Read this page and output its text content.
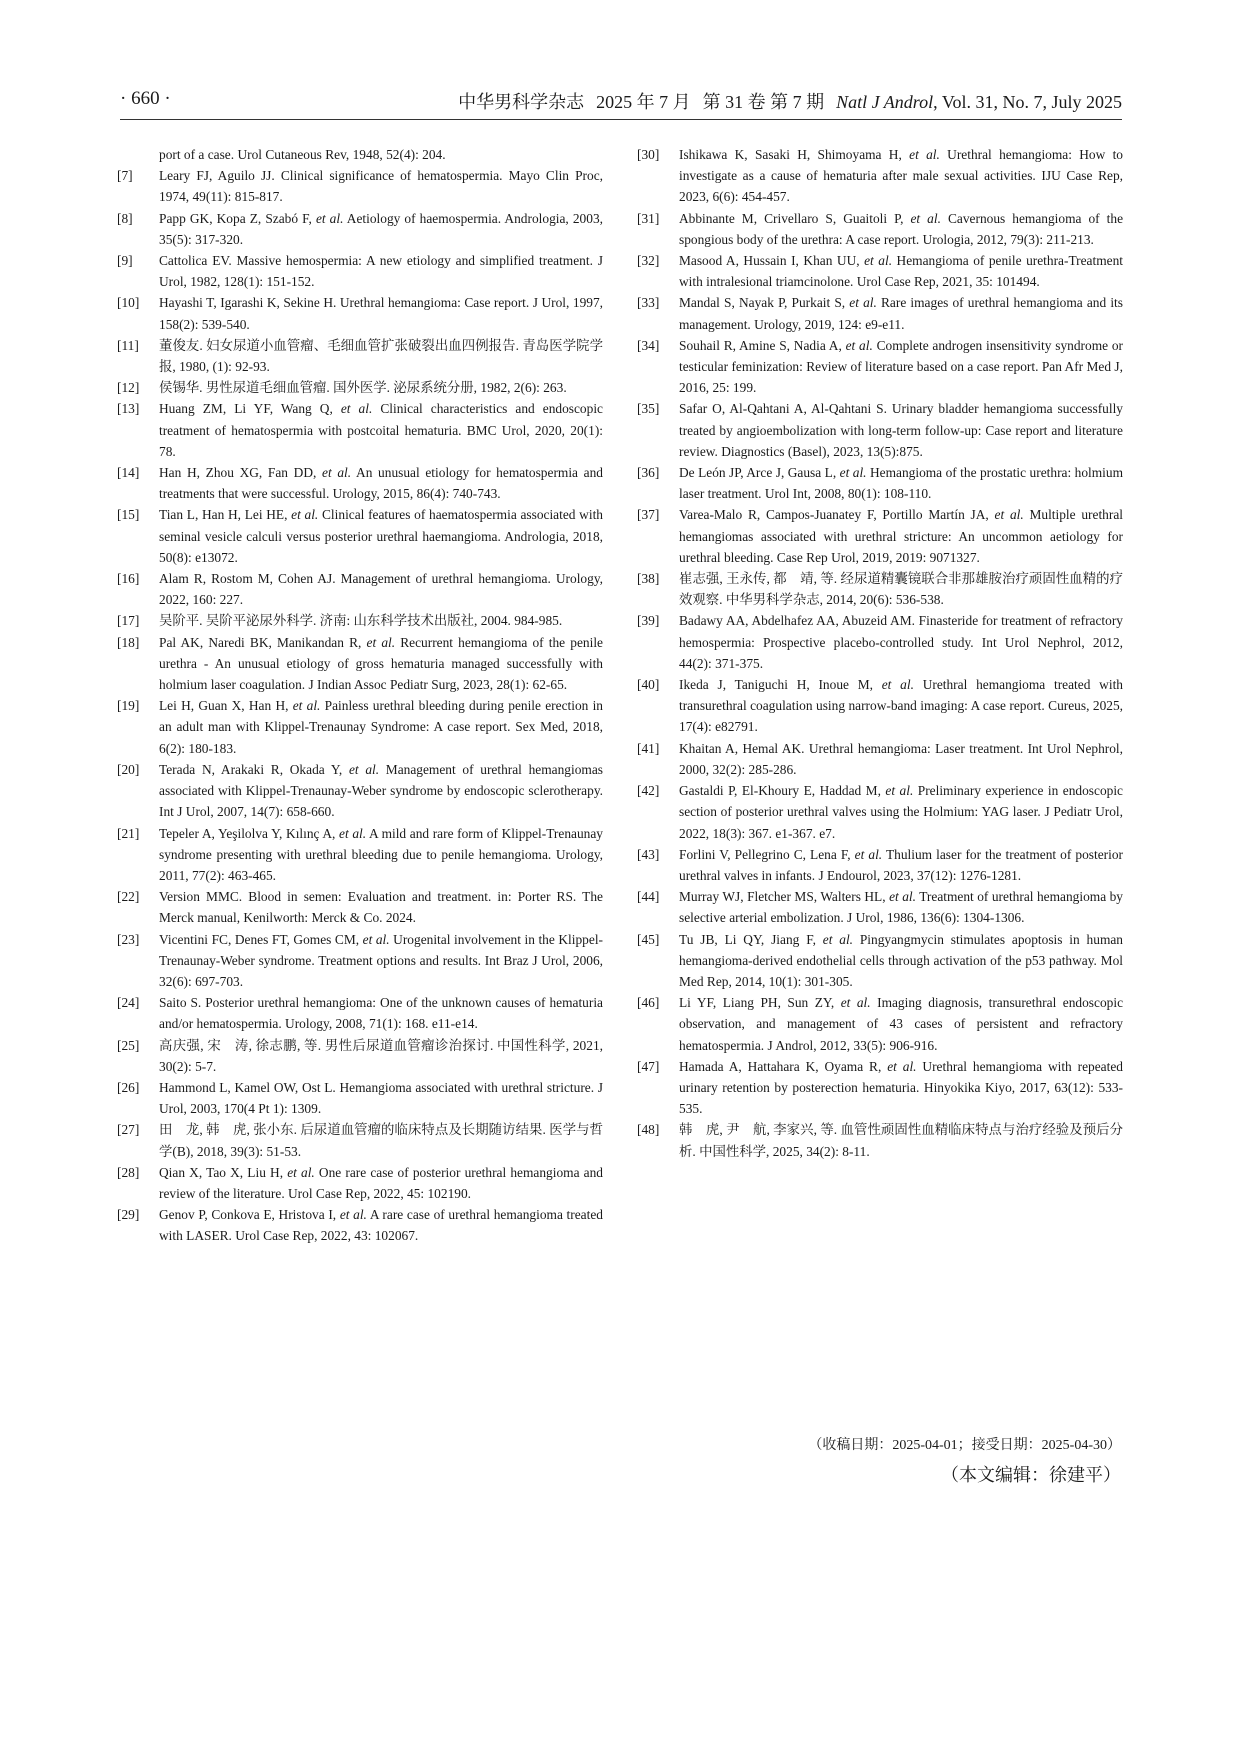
· 660 ·	中华男科学杂志 2025 年 7 月 第 31 卷 第 7 期 Natl J Androl, Vol. 31, No. 7, July 2025
port of a case. Urol Cutaneous Rev, 1948, 52(4): 204.
[7]	Leary FJ, Aguilo JJ. Clinical significance of hematospermia. Mayo Clin Proc, 1974, 49(11): 815-817.
[8]	Papp GK, Kopa Z, Szabó F, et al. Aetiology of haemospermia. Andrologia, 2003, 35(5): 317-320.
[9]	Cattolica EV. Massive hemospermia: A new etiology and simplified treatment. J Urol, 1982, 128(1): 151-152.
[10]	Hayashi T, Igarashi K, Sekine H. Urethral hemangioma: Case report. J Urol, 1997, 158(2): 539-540.
[11]	董俊友. 妇女尿道小血管瘤、毛细血管扩张破裂出血四例报告. 青岛医学院学报, 1980, (1): 92-93.
[12]	侯锡华. 男性尿道毛细血管瘤. 国外医学. 泌尿系统分册, 1982, 2(6): 263.
[13]	Huang ZM, Li YF, Wang Q, et al. Clinical characteristics and endoscopic treatment of hematospermia with postcoital hematuria. BMC Urol, 2020, 20(1): 78.
[14]	Han H, Zhou XG, Fan DD, et al. An unusual etiology for hematospermia and treatments that were successful. Urology, 2015, 86(4): 740-743.
[15]	Tian L, Han H, Lei HE, et al. Clinical features of haematospermia associated with seminal vesicle calculi versus posterior urethral haemangioma. Andrologia, 2018, 50(8): e13072.
[16]	Alam R, Rostom M, Cohen AJ. Management of urethral hemangioma. Urology, 2022, 160: 227.
[17]	吴阶平. 吴阶平泌尿外科学. 济南: 山东科学技术出版社, 2004. 984-985.
[18]	Pal AK, Naredi BK, Manikandan R, et al. Recurrent hemangioma of the penile urethra - An unusual etiology of gross hematuria managed successfully with holmium laser coagulation. J Indian Assoc Pediatr Surg, 2023, 28(1): 62-65.
[19]	Lei H, Guan X, Han H, et al. Painless urethral bleeding during penile erection in an adult man with Klippel-Trenaunay Syndrome: A case report. Sex Med, 2018, 6(2): 180-183.
[20]	Terada N, Arakaki R, Okada Y, et al. Management of urethral hemangiomas associated with Klippel-Trenaunay-Weber syndrome by endoscopic sclerotherapy. Int J Urol, 2007, 14(7): 658-660.
[21]	Tepeler A, Yeşilolva Y, Kılınç A, et al. A mild and rare form of Klippel-Trenaunay syndrome presenting with urethral bleeding due to penile hemangioma. Urology, 2011, 77(2): 463-465.
[22]	Version MMC. Blood in semen: Evaluation and treatment. in: Porter RS. The Merck manual, Kenilworth: Merck & Co. 2024.
[23]	Vicentini FC, Denes FT, Gomes CM, et al. Urogenital involvement in the Klippel-Trenaunay-Weber syndrome. Treatment options and results. Int Braz J Urol, 2006, 32(6): 697-703.
[24]	Saito S. Posterior urethral hemangioma: One of the unknown causes of hematuria and/or hematospermia. Urology, 2008, 71(1): 168. e11-e14.
[25]	高庆强, 宋　涛, 徐志鹏, 等. 男性后尿道血管瘤诊治探讨. 中国性科学, 2021, 30(2): 5-7.
[26]	Hammond L, Kamel OW, Ost L. Hemangioma associated with urethral stricture. J Urol, 2003, 170(4 Pt 1): 1309.
[27]	田　龙, 韩　虎, 张小东. 后尿道血管瘤的临床特点及长期随访结果. 医学与哲学(B), 2018, 39(3): 51-53.
[28]	Qian X, Tao X, Liu H, et al. One rare case of posterior urethral hemangioma and review of the literature. Urol Case Rep, 2022, 45: 102190.
[29]	Genov P, Conkova E, Hristova I, et al. A rare case of urethral hemangioma treated with LASER. Urol Case Rep, 2022, 43: 102067.
[30]	Ishikawa K, Sasaki H, Shimoyama H, et al. Urethral hemangioma: How to investigate as a cause of hematuria after male sexual activities. IJU Case Rep, 2023, 6(6): 454-457.
[31]	Abbinante M, Crivellaro S, Guaitoli P, et al. Cavernous hemangioma of the spongious body of the urethra: A case report. Urologia, 2012, 79(3): 211-213.
[32]	Masood A, Hussain I, Khan UU, et al. Hemangioma of penile urethra-Treatment with intralesional triamcinolone. Urol Case Rep, 2021, 35: 101494.
[33]	Mandal S, Nayak P, Purkait S, et al. Rare images of urethral hemangioma and its management. Urology, 2019, 124: e9-e11.
[34]	Souhail R, Amine S, Nadia A, et al. Complete androgen insensitivity syndrome or testicular feminization: Review of literature based on a case report. Pan Afr Med J, 2016, 25: 199.
[35]	Safar O, Al-Qahtani A, Al-Qahtani S. Urinary bladder hemangioma successfully treated by angioembolization with long-term follow-up: Case report and literature review. Diagnostics (Basel), 2023, 13(5):875.
[36]	De León JP, Arce J, Gausa L, et al. Hemangioma of the prostatic urethra: holmium laser treatment. Urol Int, 2008, 80(1): 108-110.
[37]	Varea-Malo R, Campos-Juanatey F, Portillo Martín JA, et al. Multiple urethral hemangiomas associated with urethral stricture: An uncommon aetiology for urethral bleeding. Case Rep Urol, 2019, 2019: 9071327.
[38]	崔志强, 王永传, 都　靖, 等. 经尿道精囊镜联合非那雄胺治疗顽固性血精的疗效观察. 中华男科学杂志, 2014, 20(6): 536-538.
[39]	Badawy AA, Abdelhafez AA, Abuzeid AM. Finasteride for treatment of refractory hemospermia: Prospective placebo-controlled study. Int Urol Nephrol, 2012, 44(2): 371-375.
[40]	Ikeda J, Taniguchi H, Inoue M, et al. Urethral hemangioma treated with transurethral coagulation using narrow-band imaging: A case report. Cureus, 2025, 17(4): e82791.
[41]	Khaitan A, Hemal AK. Urethral hemangioma: Laser treatment. Int Urol Nephrol, 2000, 32(2): 285-286.
[42]	Gastaldi P, El-Khoury E, Haddad M, et al. Preliminary experience in endoscopic section of posterior urethral valves using the Holmium: YAG laser. J Pediatr Urol, 2022, 18(3): 367. e1-367. e7.
[43]	Forlini V, Pellegrino C, Lena F, et al. Thulium laser for the treatment of posterior urethral valves in infants. J Endourol, 2023, 37(12): 1276-1281.
[44]	Murray WJ, Fletcher MS, Walters HL, et al. Treatment of urethral hemangioma by selective arterial embolization. J Urol, 1986, 136(6): 1304-1306.
[45]	Tu JB, Li QY, Jiang F, et al. Pingyangmycin stimulates apoptosis in human hemangioma-derived endothelial cells through activation of the p53 pathway. Mol Med Rep, 2014, 10(1): 301-305.
[46]	Li YF, Liang PH, Sun ZY, et al. Imaging diagnosis, transurethral endoscopic observation, and management of 43 cases of persistent and refractory hematospermia. J Androl, 2012, 33(5): 906-916.
[47]	Hamada A, Hattahara K, Oyama R, et al. Urethral hemangioma with repeated urinary retention by posterection hematuria. Hinyokika Kiyo, 2017, 63(12): 533-535.
[48]	韩　虎, 尹　航, 李家兴, 等. 血管性顽固性血精临床特点与治疗经验及预后分析. 中国性科学, 2025, 34(2): 8-11.
（收稿日期：2025-04-01；接受日期：2025-04-30）
（本文编辑：徐建平）
